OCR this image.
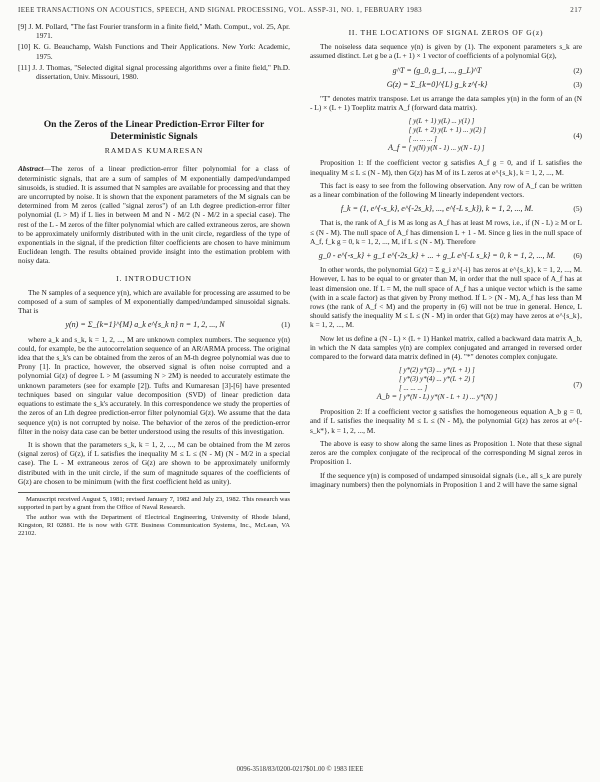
IEEE TRANSACTIONS ON ACOUSTICS, SPEECH, AND SIGNAL PROCESSING, VOL. ASSP-31, NO. 1, FEBRUARY 1983	217
[9] J. M. Pollard, "The fast Fourier transform in a finite field," Math. Comput., vol. 25, Apr. 1971.
[10] K. G. Beauchamp, Walsh Functions and Their Applications. New York: Academic, 1975.
[11] J. J. Thomas, "Selected digital signal processing algorithms over a finite field," Ph.D. dissertation, Univ. Missouri, 1980.
On the Zeros of the Linear Prediction-Error Filter for Deterministic Signals
RAMDAS KUMARESAN
Abstract—The zeros of a linear prediction-error filter polynomial for a class of deterministic signals, that are a sum of samples of M exponentially damped/undamped sinusoids, is studied. It is assumed that N samples are available for processing and that they are uncorrupted by noise. It is shown that the exponent parameters of the M signals can be determined from M zeros (called "signal zeros") of an Lth degree prediction-error filter polynomial (L > M) if L lies in between M and N - M/2 (N - M/2 in a special case). The rest of the L - M zeros of the filter polynomial which are called extraneous zeros, are shown to be approximately uniformly distributed with in the unit circle, regardless of the type of exponentials in the signal, if the prediction filter coefficients are chosen to have minimum Euclidean length. The results obtained provide insight into the estimation problem with noisy data.
I. INTRODUCTION

The N samples of a sequence y(n), which are available for processing are assumed to be composed of a sum of samples of M exponentially damped/undamped sinusoidal signals. That is

y(n) = Σ_{k=1}^{M} a_k e^{s_k n} n = 1, 2, ..., N	(1)

where a_k and s_k, k = 1, 2, ..., M are unknown complex numbers. The sequence y(n) could, for example, be the autocorrelation sequence of an AR/ARMA process. The original idea that the s_k's can be obtained from the zeros of an M-th degree polynomial was due to Prony [1]. In practice, however, the observed signal is often noise corrupted and a polynomial G(z) of degree L > M (assuming N > 2M) is needed to accurately estimate the unknown parameters (see for example [2]). Tufts and Kumaresan [3]-[6] have presented techniques based on singular value decomposition (SVD) of linear prediction data equations to estimate the s_k's accurately. In this correspondence we study the properties of the zeros of an Lth degree prediction-error filter polynomial G(z). We assume that the data sequence y(n) is not corrupted by noise. The behavior of the zeros of the prediction-error filter in the noisy data case can be better understood using the results of this investigation.

It is shown that the parameters s_k, k = 1, 2, ..., M can be obtained from the M zeros (signal zeros) of G(z), if L satisfies the inequality M ≤ L ≤ (N - M) (N - M/2 in a special case). The L - M extraneous zeros of G(z) are shown to be approximately uniformly distributed with in the unit circle, if the sum of magnitude squares of the coefficients of G(z) are chosen to be minimum (with the first coefficient held as unity).

Manuscript received August 5, 1981; revised January 7, 1982 and July 23, 1982. This research was supported in part by a grant from the Office of Naval Research.

The author was with the Department of Electrical Engineering, University of Rhode Island, Kingston, RI 02881. He is now with GTE Business Communication Systems, Inc., McLean, VA 22102.

II. THE LOCATIONS OF SIGNAL ZEROS OF G(z)

The noiseless data sequence y(n) is given by (1). The exponent parameters s_k are assumed distinct. Let g be a (L + 1) × 1 vector of coefficients of a polynomial G(z),

g^T = (g_0, g_1, ..., g_L)^T	(2)
G(z) = Σ_{k=0}^{L} g_k z^{-k}	(3)

"T" denotes matrix transpose. Let us arrange the data samples y(n) in the form of an (N - L) × (L + 1) Toeplitz matrix A_f (forward data matrix).

A_f = [ y(L + 1) y(L) ... y(1) ]
[ y(L + 2) y(L + 1) ... y(2) ]
[ ... ... ... ]
[ y(N) y(N - 1) ... y(N - L) ]
(4)

Proposition 1: If the coefficient vector g satisfies A_f g = 0, and if L satisfies the inequality M ≤ L ≤ (N - M), then G(z) has M of its L zeros at e^{s_k}, k = 1, 2, ..., M.

This fact is easy to see from the following observation. Any row of A_f can be written as a linear combination of the following M linearly independent vectors.

f_k = (1, e^{-s_k}, e^{-2s_k}, ..., e^{-L s_k}), k = 1, 2, ..., M.	(5)

That is, the rank of A_f is M as long as A_f has at least M rows, i.e., if (N - L) ≥ M or L ≤ (N - M). The null space of A_f has dimension L + 1 - M. Since g lies in the null space of A_f, f_k g = 0, k = 1, 2, ..., M, if L ≤ (N - M). Therefore

g_0 - e^{-s_k} + g_1 e^{-2s_k} + ... + g_L e^{-L s_k} = 0, k = 1, 2, ..., M.	(6)

In other words, the polynomial G(z) = Σ g_i z^{-i} has zeros at e^{s_k}, k = 1, 2, ..., M. However, L has to be equal to or greater than M, in order that the null space of A_f has at least dimension one. If L = M, the null space of A_f has a unique vector which is the same (with in a scale factor) as that given by Prony method. If L > (N - M), A_f has less than M rows (the rank of A_f < M) and the property in (6) will not be true in general. Hence, L should satisfy the inequality M ≤ L ≤ (N - M) in order that G(z) may have zeros at e^{s_k}, k = 1, 2, ..., M.

Now let us define a (N - L) × (L + 1) Hankel matrix, called a backward data matrix A_b, in which the N data samples y(n) are complex conjugated and arranged in reversed order compared to the forward data matrix defined in (4). "*" denotes complex conjugate.

A_b = [ y*(2) y*(3) ... y*(L + 1) ]
[ y*(3) y*(4) ... y*(L + 2) ]
[ ... ... ... ]
[ y*(N - L) y*(N - L + 1) ... y*(N) ]
(7)

Proposition 2: If a coefficient vector g satisfies the homogeneous equation A_b g = 0, and if L satisfies the inequality M ≤ L ≤ (N - M), the polynomial G(z) has zeros at e^{-s_k*}, k = 1, 2, ..., M.

The above is easy to show along the same lines as Proposition 1. Note that these signal zeros are the complex conjugate of the reciprocal of the corresponding M signal zeros in Proposition 1.

If the sequence y(n) is composed of undamped sinusoidal signals (i.e., all s_k are purely imaginary numbers) then the polynomials in Proposition 1 and 2 will have the same signal

0096-3518/83/0200-0217$01.00 © 1983 IEEE
